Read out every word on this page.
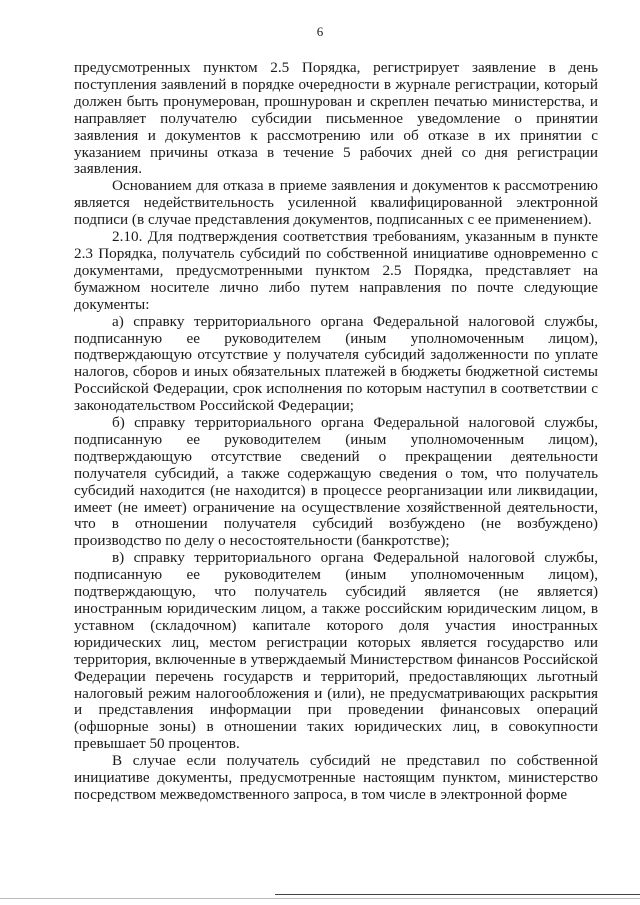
6

предусмотренных пунктом 2.5 Порядка, регистрирует заявление в день поступления заявлений в порядке очередности в журнале регистрации, который должен быть пронумерован, прошнурован и скреплен печатью министерства, и направляет получателю субсидии письменное уведомление о принятии заявления и документов к рассмотрению или об отказе в их принятии с указанием причины отказа в течение 5 рабочих дней со дня регистрации заявления.

Основанием для отказа в приеме заявления и документов к рассмотрению является недействительность усиленной квалифицированной электронной подписи (в случае представления документов, подписанных с ее применением).

2.10. Для подтверждения соответствия требованиям, указанным в пункте 2.3 Порядка, получатель субсидий по собственной инициативе одновременно с документами, предусмотренными пунктом 2.5 Порядка, представляет на бумажном носителе лично либо путем направления по почте следующие документы:

а) справку территориального органа Федеральной налоговой службы, подписанную ее руководителем (иным уполномоченным лицом), подтверждающую отсутствие у получателя субсидий задолженности по уплате налогов, сборов и иных обязательных платежей в бюджеты бюджетной системы Российской Федерации, срок исполнения по которым наступил в соответствии с законодательством Российской Федерации;

б) справку территориального органа Федеральной налоговой службы, подписанную ее руководителем (иным уполномоченным лицом), подтверждающую отсутствие сведений о прекращении деятельности получателя субсидий, а также содержащую сведения о том, что получатель субсидий находится (не находится) в процессе реорганизации или ликвидации, имеет (не имеет) ограничение на осуществление хозяйственной деятельности, что в отношении получателя субсидий возбуждено (не возбуждено) производство по делу о несостоятельности (банкротстве);

в) справку территориального органа Федеральной налоговой службы, подписанную ее руководителем (иным уполномоченным лицом), подтверждающую, что получатель субсидий является (не является) иностранным юридическим лицом, а также российским юридическим лицом, в уставном (складочном) капитале которого доля участия иностранных юридических лиц, местом регистрации которых является государство или территория, включенные в утверждаемый Министерством финансов Российской Федерации перечень государств и территорий, предоставляющих льготный налоговый режим налогообложения и (или), не предусматривающих раскрытия и представления информации при проведении финансовых операций (офшорные зоны) в отношении таких юридических лиц, в совокупности превышает 50 процентов.

В случае если получатель субсидий не представил по собственной инициативе документы, предусмотренные настоящим пунктом, министерство посредством межведомственного запроса, в том числе в электронной форме
